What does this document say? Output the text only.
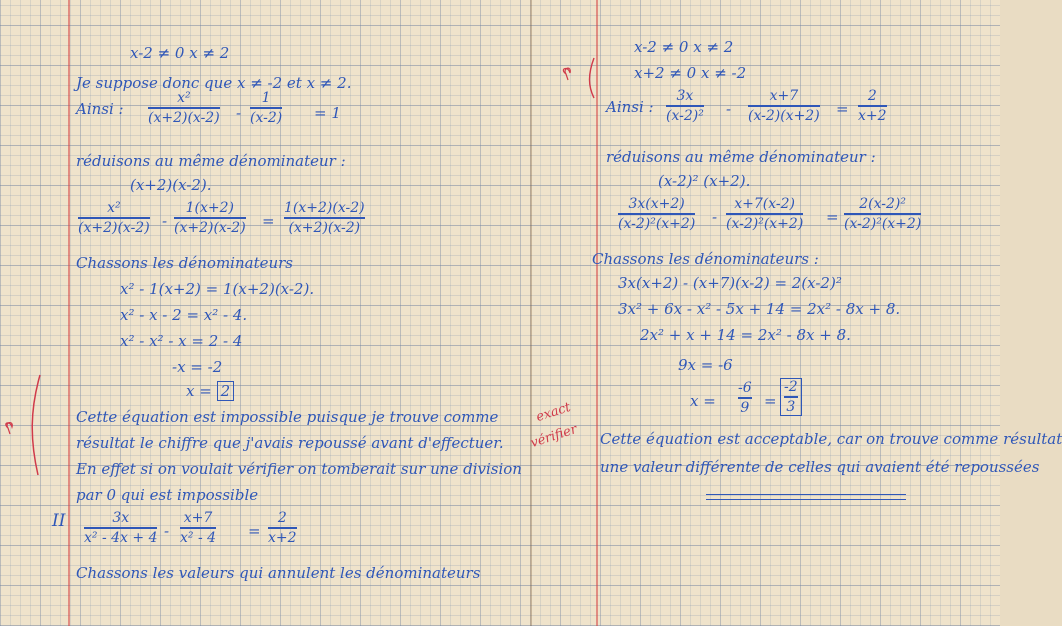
x-2 ≠ 0 x ≠ 2
Je suppose donc que x ≠ -2 et x ≠ 2.
Ainsi :
x²
(x+2)(x-2) -
1
(x-2) = 1
réduisons au même dénominateur :
(x+2)(x-2).
x²
(x+2)(x-2) -
1(x+2)
(x+2)(x-2) =
1(x+2)(x-2)
(x+2)(x-2)
Chassons les dénominateurs
x² - 1(x+2) = 1(x+2)(x-2).
x² - x - 2 = x² - 4.
x² - x² - x = 2 - 4
-x = -2
x = 2
Cette équation est impossible puisque je trouve comme
résultat le chiffre que j'avais repoussé avant d'effectuer.
En effet si on voulait vérifier on tomberait sur une division
par 0 qui est impossible
II	3x
x² - 4x + 4 -
x+7
x² - 4 =
2
x+2
Chassons les valeurs qui annulent les dénominateurs
x-2 ≠ 0 x ≠ 2
x+2 ≠ 0 x ≠ -2
Ainsi :
3x
(x-2)² -
x+7
(x-2)(x+2) =
2
x+2
réduisons au même dénominateur :
(x-2)² (x+2).
3x(x+2)
(x-2)²(x+2) -
x+7(x-2)
(x-2)²(x+2) =
2(x-2)²
(x-2)²(x+2)
Chassons les dénominateurs :
3x(x+2) - (x+7)(x-2) = 2(x-2)²
3x² + 6x - x² - 5x + 14 = 2x² - 8x + 8.
2x² + x + 14 = 2x² - 8x + 8.
9x = -6
x =
-6
9 =
-2
3
Cette équation est acceptable, car on trouve comme résultat
une valeur différente de celles qui avaient été repoussées
exact
vérifier
